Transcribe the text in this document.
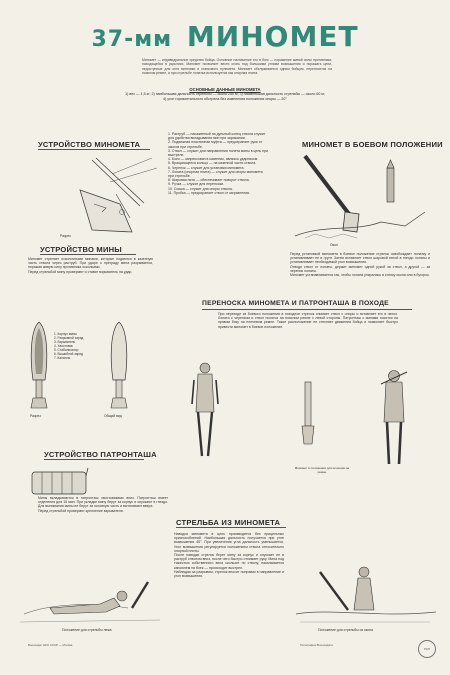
37-мм МИНОМЕТ
Миномет — индивидуальное средство бойца. Основное назначение его в бою — поражение живой силы противника, находящейся в укрытиях. Миномет позволяет вести огонь под большими углами возвышения и поражать цели, недоступные для огня винтовки и станкового пулемета. Миномет обслуживается одним бойцом, переносится на поясном ремне, а при стрельбе лопатка используется как опорная плита.
ОСНОВНЫЕ ДАННЫЕ МИНОМЕТА
1) вес — 1,5 кг; 2) наибольшая дальность стрельбы — около 250 м; 3) наименьшая дальность стрельбы — около 60 м;
4) угол горизонтального обстрела без изменения положения опоры — 20°
УСТРОЙСТВО МИНОМЕТА
Разрез
1. Раструб — насаженный на дульный конец ствола служит для удобства вкладывания мин при заряжании.
2. Подвижная поясничная муфта — предохраняет руки от ожогов при стрельбе.
3. Ствол — служит для направления полета мины в цель при выстреле.
4. Боек — запрессован в казенник, являясь ударником.
5. Вращающееся кольцо — на казенной части ствола.
6. Черенок — служит для установки миномета.
7. Лопата (опорная плита) — служит для опоры миномета при стрельбе.
8. Шаровая пята — обеспечивает поворот ствола.
9. Ручка — служит для переноски.
10. Сошка — служит для опоры ствола.
11. Пробка — предохраняет ствол от загрязнения.
МИНОМЕТ В БОЕВОМ ПОЛОЖЕНИИ
Окоп
Перед установкой миномета в боевое положение стрелок освобождает лопатку и устанавливает ее в грунт. Затем вставляет ствол шаровой пятой в гнездо лопаты и устанавливает необходимый угол возвышения.
Отводя ствол от лопаты, держит миномет одной рукой за ствол, а другой — за черенок лопаты.
Миномет устанавливается так, чтобы лопата упиралась в стенку окопа или в бугорок.
УСТРОЙСТВО МИНЫ
Миномет стреляет осколочными минами, которые подаются в казенную часть ствола через раструб. При ударе о преграду мина разрывается, поражая живую силу противника осколками.
Перед стрельбой мину проверяют и ставят взрыватель на удар.
1. Корпус мины
2. Разрывной заряд
3. Взрыватель
4. Хвостовик
5. Стабилизатор
6. Вышибной заряд
7. Капсюль
Разрез	Общий вид
ПЕРЕНОСКА МИНОМЕТА И ПАТРОНТАША В ПОХОДЕ
При переходе из боевого положения в походное стрелок снимает ствол с опоры и вставляет его в чехол. Лопата с черенком и ствол носятся на поясном ремне с левой стороны. Патронташ с минами носится на правом боку на плечевом ремне. Такое расположение не стесняет движения бойца и позволяет быстро привести миномет в боевое положение.
Миномет в положении для ношения на ремне
УСТРОЙСТВО ПАТРОНТАША
Мины вкладываются в патронташ хвостовиками вниз. Патронташ имеет отделения для 15 мин. При укладке мину берут за корпус и опускают в гнездо. Для вынимания мины ее берут за головную часть и вытягивают вверх.
Перед стрельбой проверяют крепление взрывателя.
СТРЕЛЬБА ИЗ МИНОМЕТА
Наводка миномета в цель производится без прицельных приспособлений. Наибольшая дальность получается при угле возвышения 45°. При увеличении угла дальность уменьшается. Угол возвышения регулируется положением ствола относительно опорной плиты.
После наводки стрелок берет мину за корпус и опускает ее в раструб стволом вниз, после чего быстро отнимает руку. Мина под тяжестью собственного веса скользит по стволу, накалывается капсюлем на боек — происходит выстрел.
Наблюдая за разрывом, стрелок вносит поправки в направление и угол возвышения.
Положение для стрельбы лежа	Положение для стрельбы из окопа
Воениздат НКО СССР — Москва	Типография Воениздата
РКП
